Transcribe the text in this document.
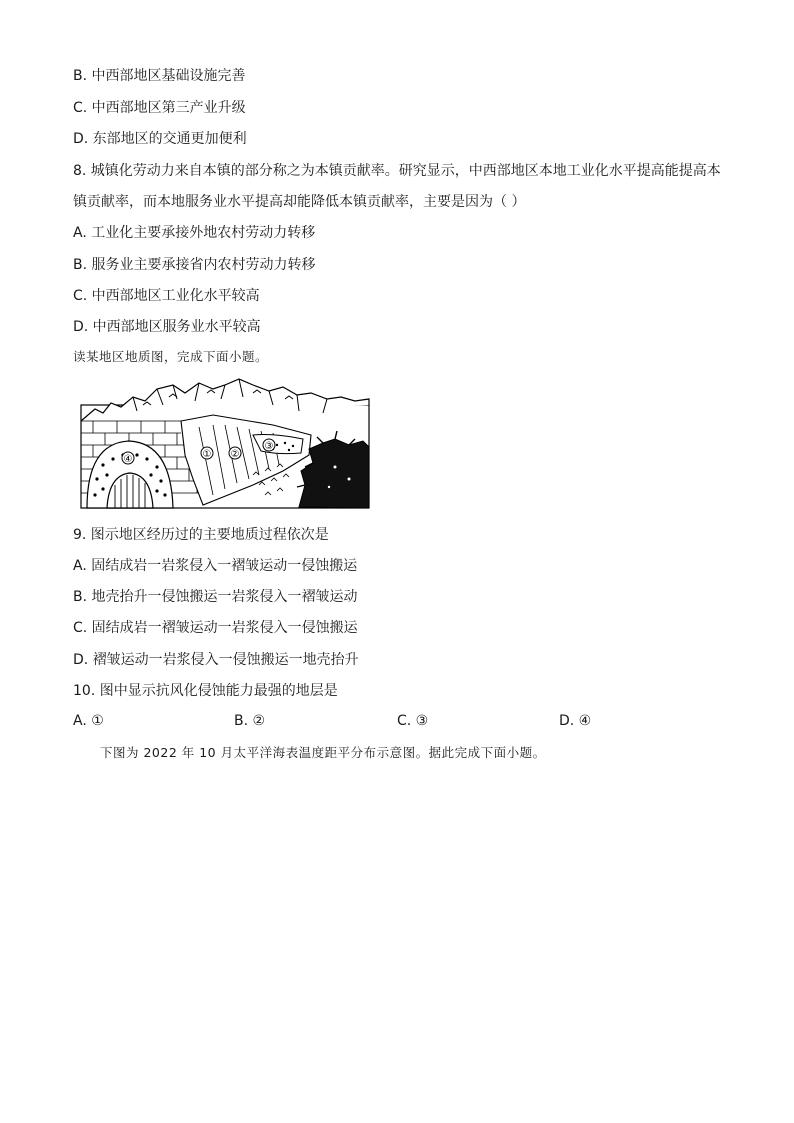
B. 中西部地区基础设施完善
C. 中西部地区第三产业升级
D. 东部地区的交通更加便利
8. 城镇化劳动力来自本镇的部分称之为本镇贡献率。研究显示，中西部地区本地工业化水平提高能提高本
镇贡献率，而本地服务业水平提高却能降低本镇贡献率，主要是因为（ ）
A. 工业化主要承接外地农村劳动力转移
B. 服务业主要承接省内农村劳动力转移
C. 中西部地区工业化水平较高
D. 中西部地区服务业水平较高
读某地区地质图，完成下面小题。
④	① ②
③
9. 图示地区经历过的主要地质过程依次是
A. 固结成岩一岩浆侵入一褶皱运动一侵蚀搬运
B. 地壳抬升一侵蚀搬运一岩浆侵入一褶皱运动
C. 固结成岩一褶皱运动一岩浆侵入一侵蚀搬运
D. 褶皱运动一岩浆侵入一侵蚀搬运一地壳抬升
10. 图中显示抗风化侵蚀能力最强的地层是
A. ①	B. ②	C. ③	D. ④
下图为 2022 年 10 月太平洋海表温度距平分布示意图。据此完成下面小题。
